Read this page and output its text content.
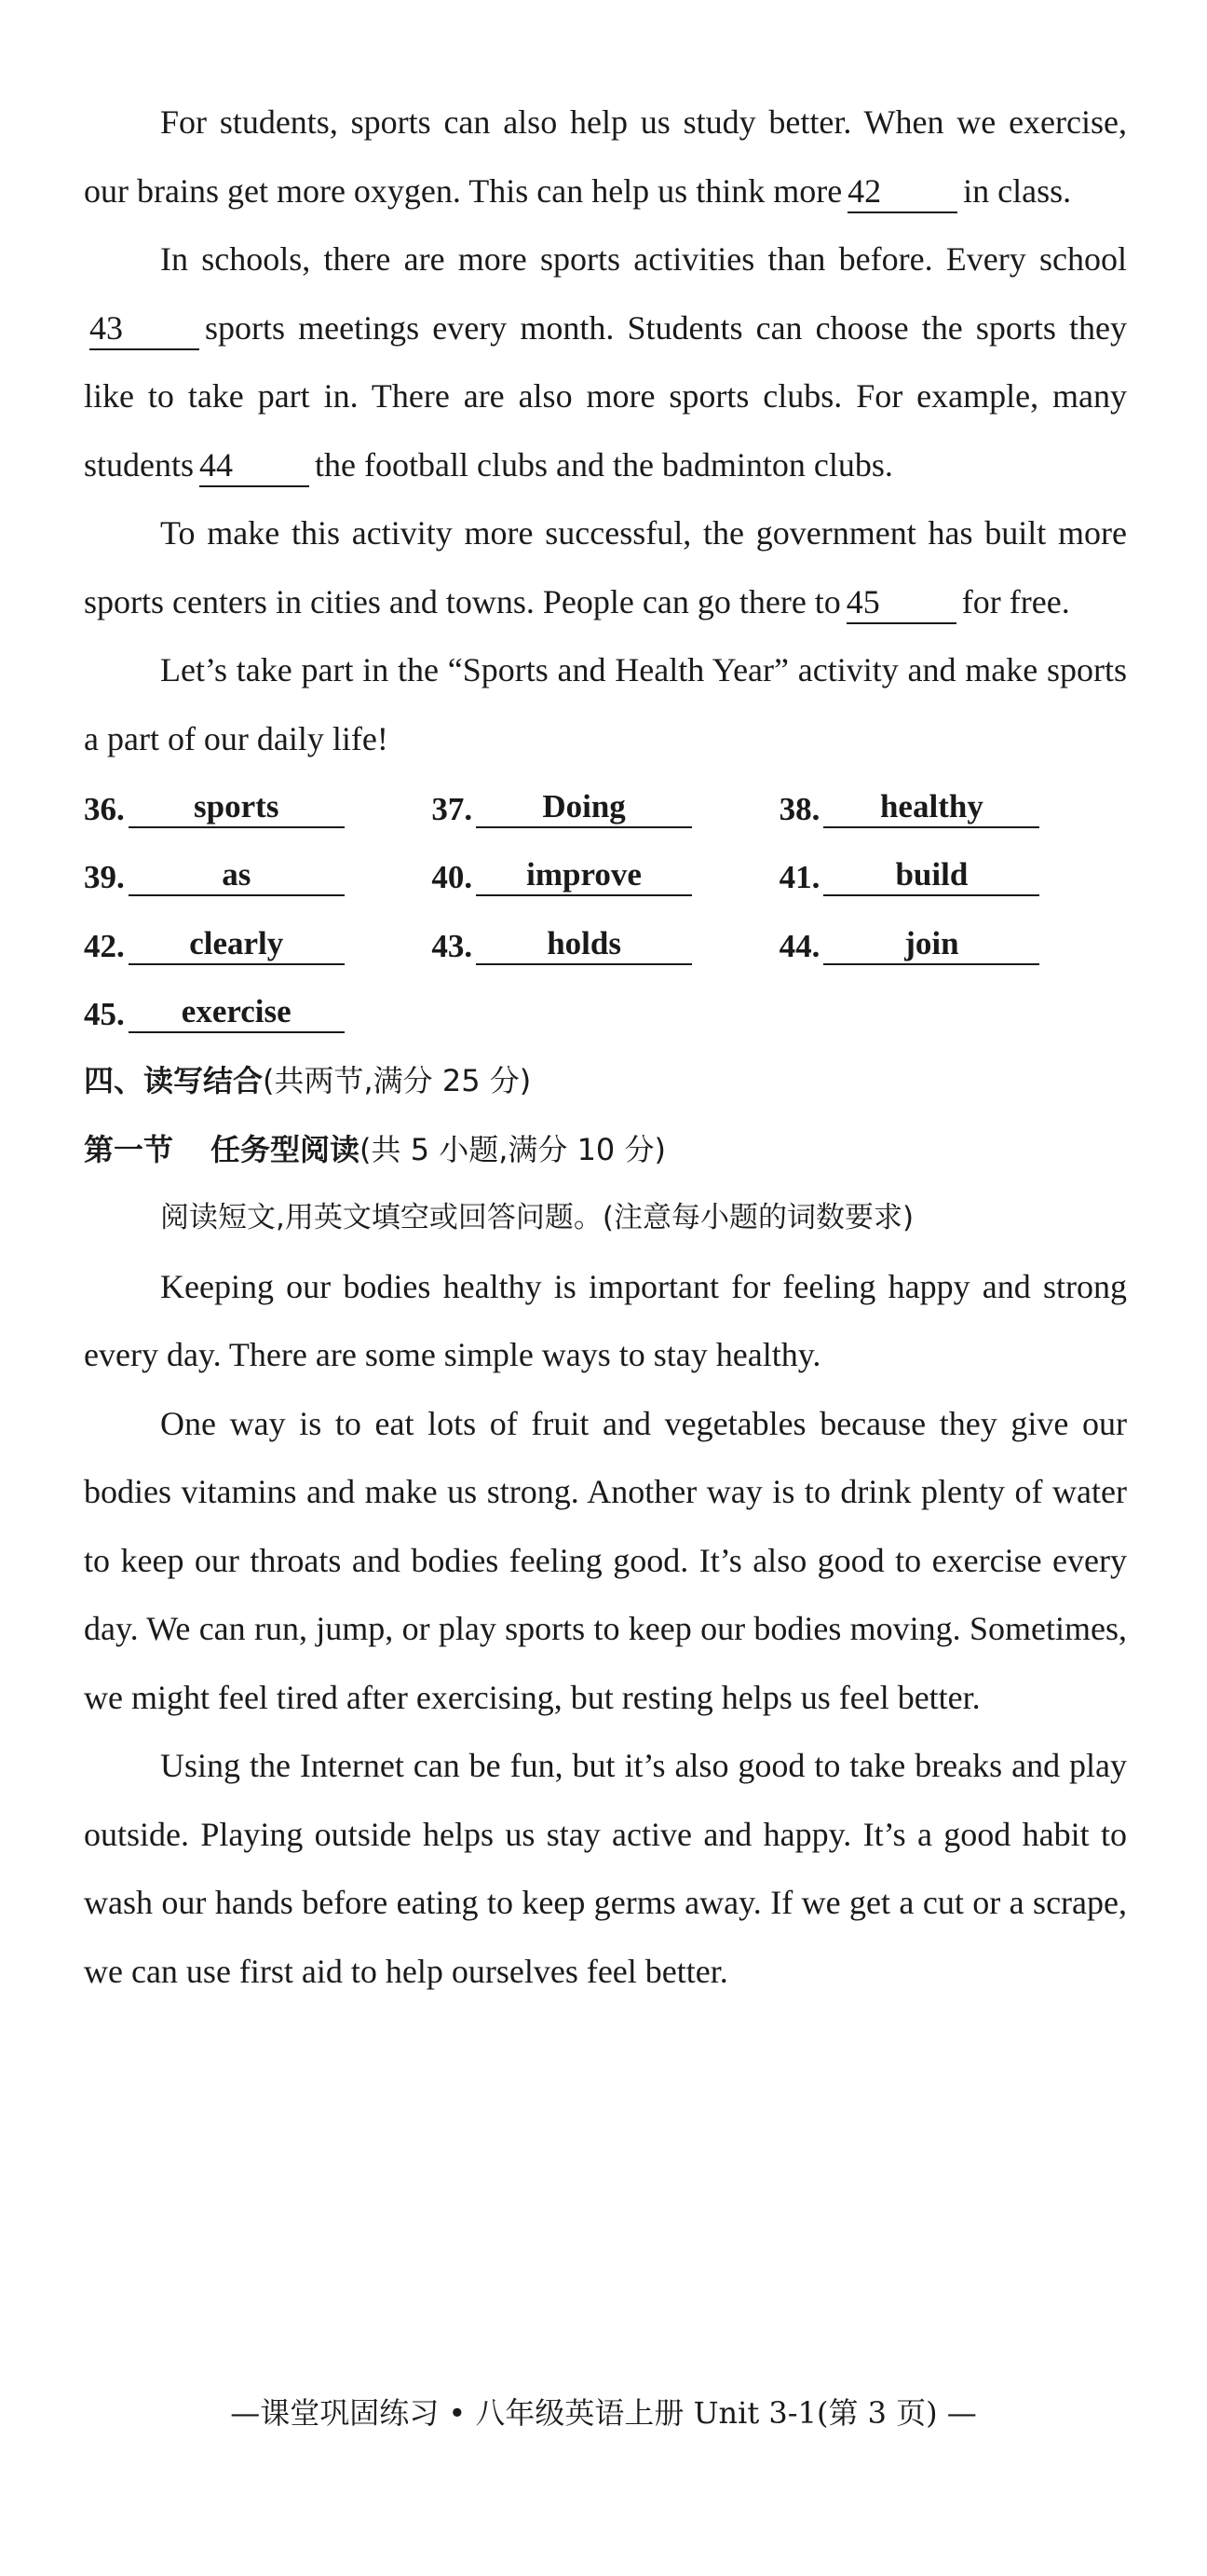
For students, sports can also help us study better. When we exercise, our brains get more oxygen. This can help us think more 42 in class.

In schools, there are more sports activities than before. Every school43 sports meetings every month. Students can choose the sports they like to take part in. There are also more sports clubs. For example, many students 44 the football clubs and the badminton clubs.

To make this activity more successful, the government has built more sports centers in cities and towns. People can go there to 45 for free.

Let’s take part in the “Sports and Health Year” activity and make sports a part of our daily life!

36.	sports	37.	Doing	38.	healthy
39.	as	40.	improve	41.	build
42.	clearly	43.	holds	44.	join
45.	exercise

四、读写结合(共两节,满分 25 分)

第一节 任务型阅读(共 5 小题,满分 10 分)

阅读短文,用英文填空或回答问题。(注意每小题的词数要求)

Keeping our bodies healthy is important for feeling happy and strong every day. There are some simple ways to stay healthy.

One way is to eat lots of fruit and vegetables because they give our bodies vitamins and make us strong. Another way is to drink plenty of water to keep our throats and bodies feeling good. It’s also good to exercise every day. We can run, jump, or play sports to keep our bodies moving. Sometimes, we might feel tired after exercising, but resting helps us feel better.

Using the Internet can be fun, but it’s also good to take breaks and play outside. Playing outside helps us stay active and happy. It’s a good habit to wash our hands before eating to keep germs away. If we get a cut or a scrape, we can use first aid to help ourselves feel better.

—课堂巩固练习 • 八年级英语上册 Unit 3-1(第 3 页) —
